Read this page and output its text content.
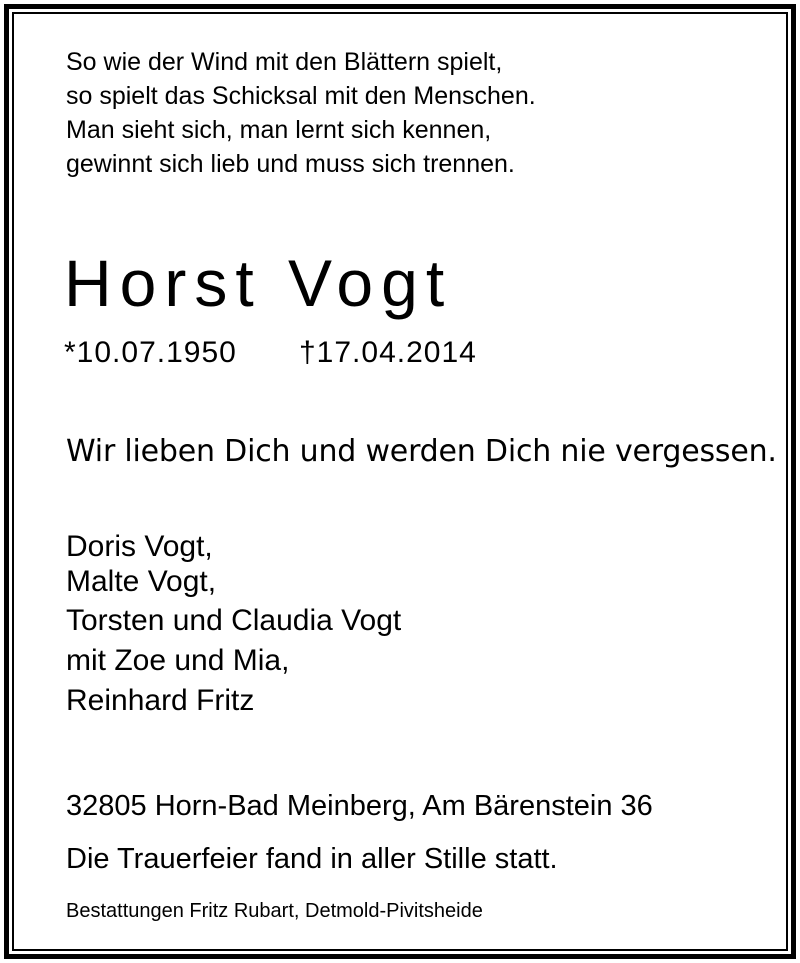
So wie der Wind mit den Blättern spielt,
so spielt das Schicksal mit den Menschen.
Man sieht sich, man lernt sich kennen,
gewinnt sich lieb und muss sich trennen.
Horst Vogt
*10.07.1950 †17.04.2014
Wir lieben Dich und werden Dich nie vergessen.
Doris Vogt,
Malte Vogt,
Torsten und Claudia Vogt
mit Zoe und Mia,
Reinhard Fritz
32805 Horn-Bad Meinberg, Am Bärenstein 36
Die Trauerfeier fand in aller Stille statt.
Bestattungen Fritz Rubart, Detmold-Pivitsheide
